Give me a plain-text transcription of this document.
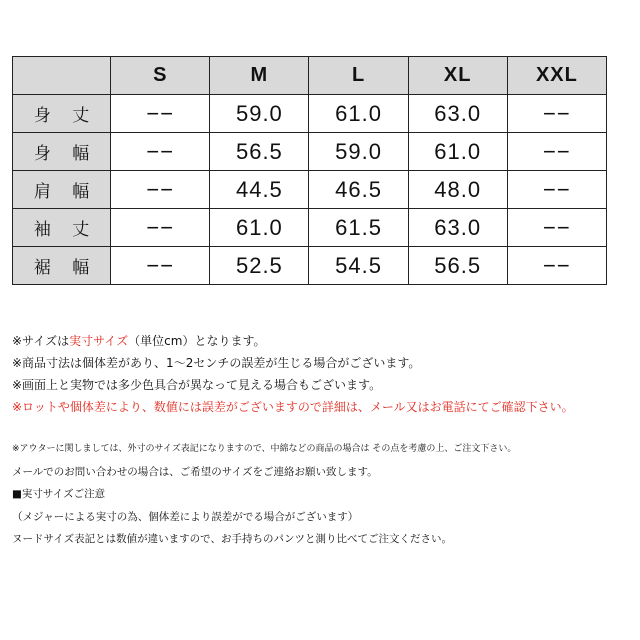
	S	M	L	XL	XXL
身 丈	−−	59.0	61.0	63.0	−−
身 幅	−−	56.5	59.0	61.0	−−
肩 幅	−−	44.5	46.5	48.0	−−
袖 丈	−−	61.0	61.5	63.0	−−
裾 幅	−−	52.5	54.5	56.5	−−
※サイズは実寸サイズ（単位cm）となります。
※商品寸法は個体差があり、1〜2センチの誤差が生じる場合がございます。
※画面上と実物では多少色具合が異なって見える場合もございます。
※ロットや個体差により、数値には誤差がございますので詳細は、メール又はお電話にてご確認下さい。
※アウターに関しましては、外寸のサイズ表記になりますので、中綿などの商品の場合は その点を考慮の上、ご注文下さい。
メールでのお問い合わせの場合は、ご希望のサイズをご連絡お願い致します。
■実寸サイズご注意
（メジャーによる実寸の為、個体差により誤差がでる場合がございます）
ヌードサイズ表記とは数値が違いますので、お手持ちのパンツと測り比べてご注文ください。
